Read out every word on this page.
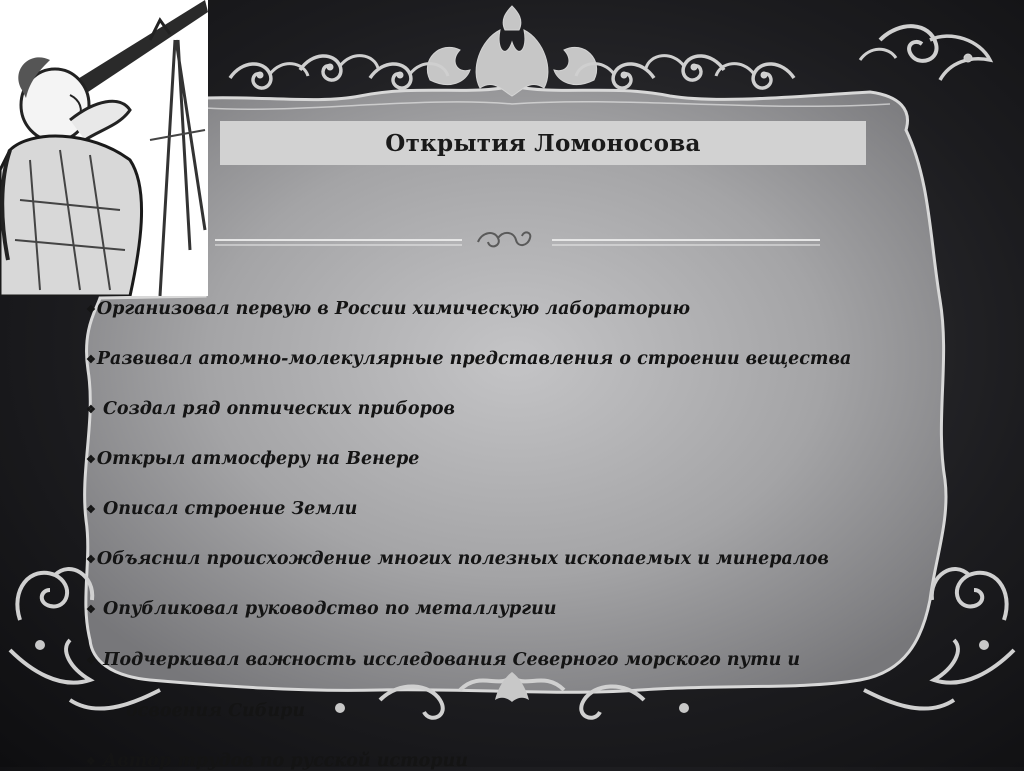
Открытия Ломоносова
❖Организовал первую в России химическую лабораторию
❖Развивал атомно-молекулярные представления о строении вещества
❖ Создал ряд оптических приборов
❖Открыл атмосферу на Венере
❖ Описал строение Земли
❖Объяснил происхождение многих полезных ископаемых и минералов
❖ Опубликовал руководство по металлургии
❖ Подчеркивал важность исследования Северного морского пути и
освоения Сибири
❖ Автор трудов по русской истории
